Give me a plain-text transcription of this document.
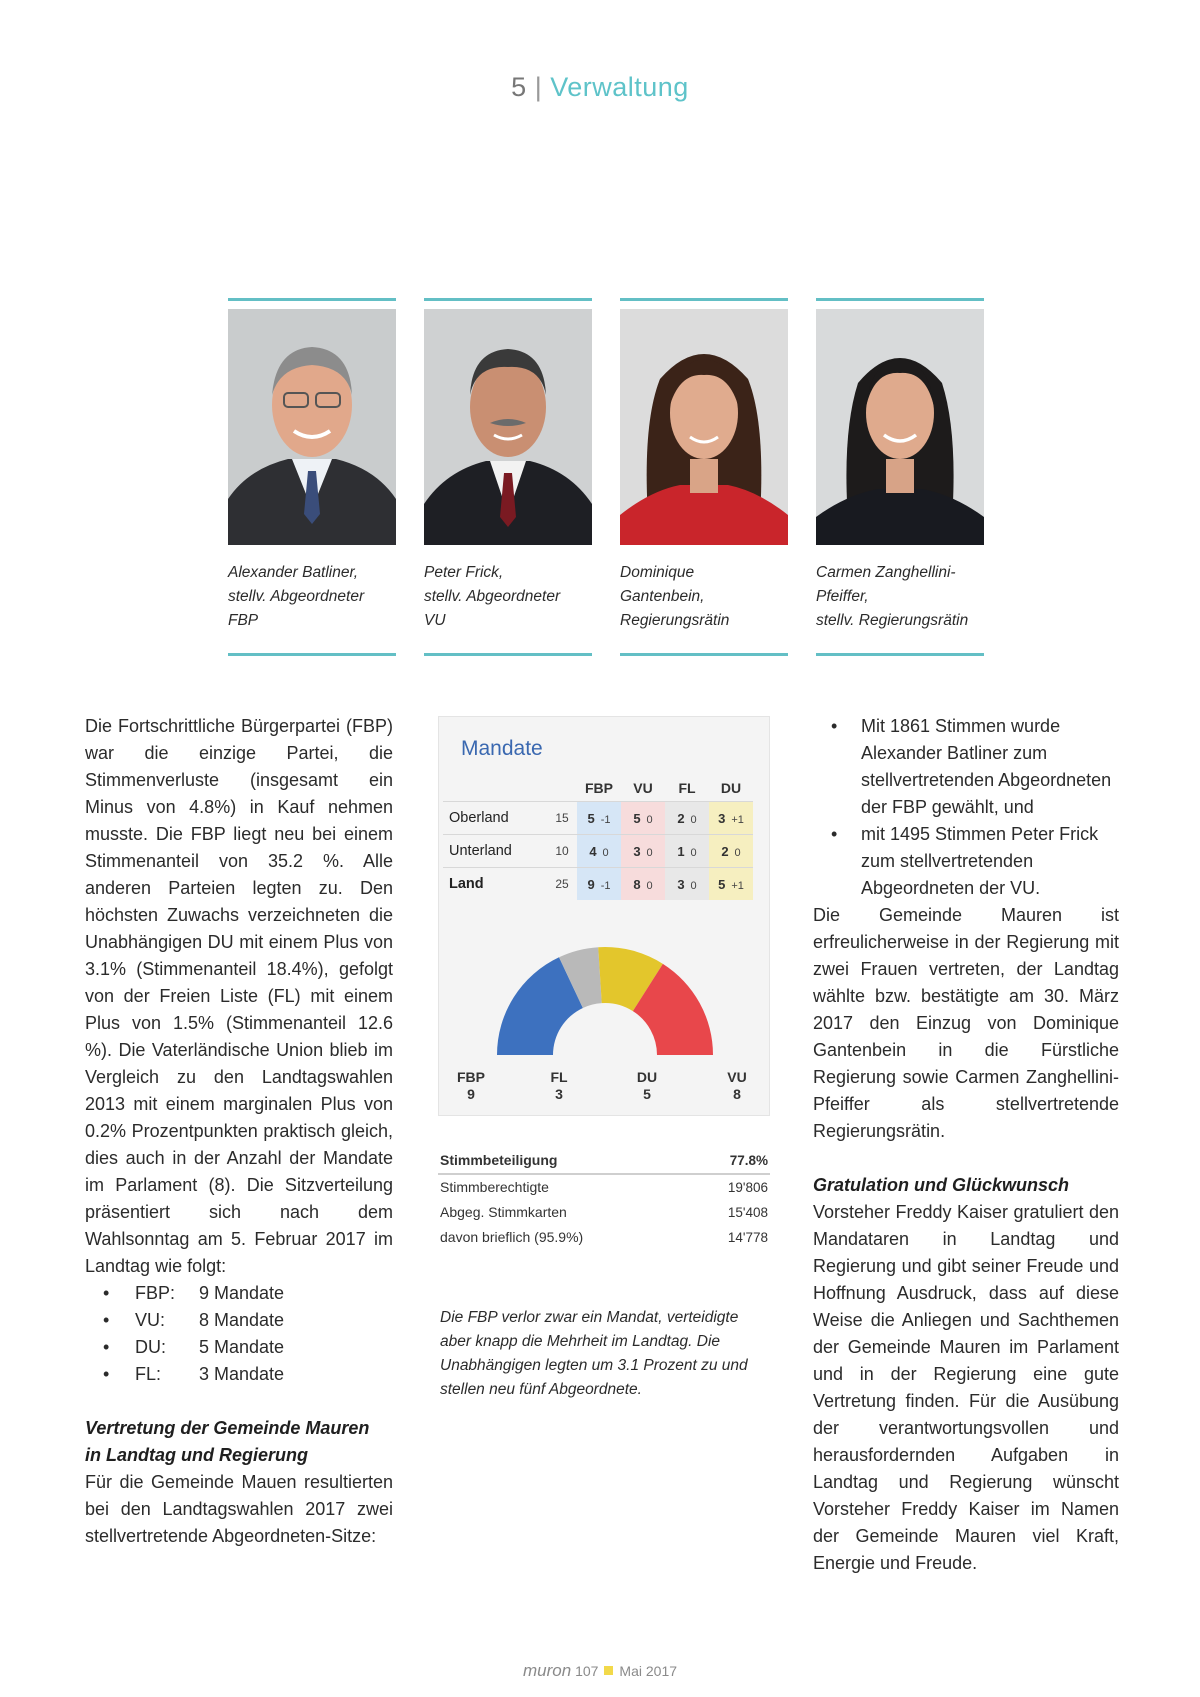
5 | Verwaltung
Alexander Batliner,
stellv. Abgeordneter
FBP
Peter Frick,
stellv. Abgeordneter
VU
Dominique
Gantenbein,
Regierungsrätin
Carmen Zanghellini-
Pfeiffer,
stellv. Regierungsrätin

Die Fortschrittliche Bürgerpartei (FBP) war die einzige Partei, die Stimmenverluste (insgesamt ein Minus von 4.8%) in Kauf nehmen musste. Die FBP liegt neu bei einem Stimmenanteil von 35.2 %. Alle anderen Parteien legten zu. Den höchsten Zuwachs verzeichneten die Unabhängigen DU mit einem Plus von 3.1% (Stimmenanteil 18.4%), gefolgt von der Freien Liste (FL) mit einem Plus von 1.5% (Stimmenanteil 12.6 %). Die Vaterländische Union blieb im Vergleich zu den Landtagswahlen 2013 mit einem marginalen Plus von 0.2% Prozentpunkten praktisch gleich, dies auch in der Anzahl der Mandate im Parlament (8). Die Sitzverteilung präsentiert sich nach dem Wahlsonntag am 5. Februar 2017 im Landtag wie folgt:

• FBP: 9 Mandate
• VU: 8 Mandate
• DU: 5 Mandate
• FL: 3 Mandate
Vertretung der Gemeinde Mauren
in Landtag und Regierung

Für die Gemeinde Mauen resultierten bei den Landtagswahlen 2017 zwei stellvertretende Abgeordneten-Sitze:

Mandate
		FBP	VU	FL	DU
Oberland	15	5 -1	5 0	2 0	3 +1
Unterland	10	4 0	3 0	1 0	2 0
Land	25	9 -1	8 0	3 0	5 +1
FBP
9
FL
3
DU
5
VU
8
Stimmbeteiligung	77.8%
Stimmberechtigte	19'806
Abgeg. Stimmkarten	15'408
davon brieflich (95.9%)	14'778
Die FBP verlor zwar ein Mandat, verteidigte aber knapp die Mehrheit im Landtag. Die Unabhängigen legten um 3.1 Prozent zu und stellen neu fünf Abgeordnete.
• Mit 1861 Stimmen wurde Alexander Batliner zum stellvertretenden Abgeordneten der FBP gewählt, und
• mit 1495 Stimmen Peter Frick zum stellvertretenden Abgeordneten der VU.

Die Gemeinde Mauren ist erfreulicherweise in der Regierung mit zwei Frauen vertreten, der Landtag wählte bzw. bestätigte am 30. März 2017 den Einzug von Dominique Gantenbein in die Fürstliche Regierung sowie Carmen Zanghellini-Pfeiffer als stellvertretende Regierungsrätin.

Gratulation und Glückwunsch

Vorsteher Freddy Kaiser gratuliert den Mandataren in Landtag und Regierung und gibt seiner Freude und Hoffnung Ausdruck, dass auf diese Weise die Anliegen und Sachthemen der Gemeinde Mauren im Parlament und in der Regierung eine gute Vertretung finden. Für die Ausübung der verantwortungsvollen und herausfordernden Aufgaben in Landtag und Regierung wünscht Vorsteher Freddy Kaiser im Namen der Gemeinde Mauren viel Kraft, Energie und Freude.

muron 107 Mai 2017
